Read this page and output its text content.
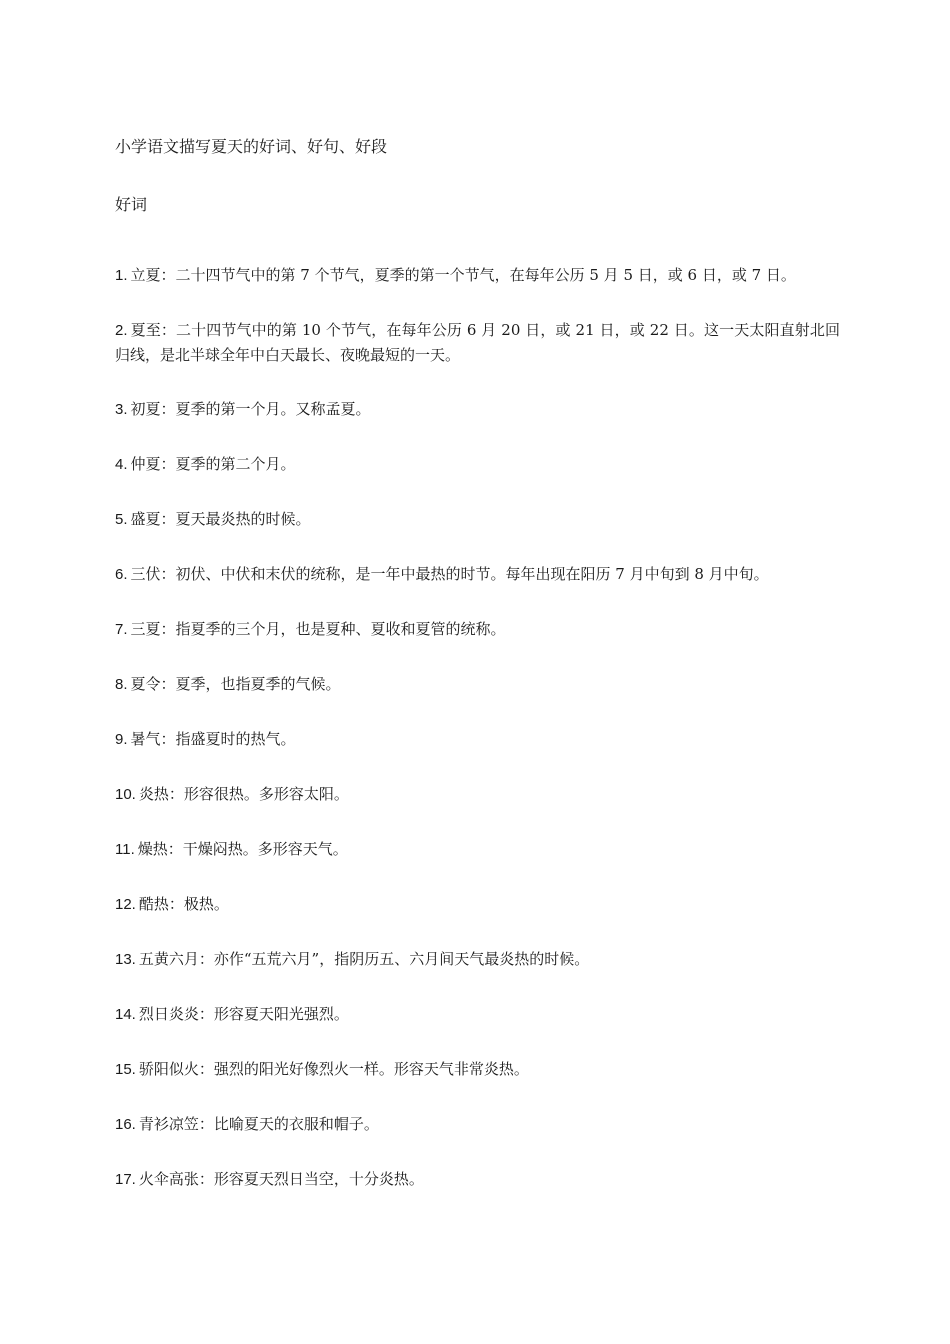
小学语文描写夏天的好词、好句、好段
好词

1. 立夏：二十四节气中的第 7 个节气，夏季的第一个节气，在每年公历 5 月 5 日，或 6 日，或 7 日。

2. 夏至：二十四节气中的第 10 个节气，在每年公历 6 月 20 日，或 21 日，或 22 日。这一天太阳直射北回归线，是北半球全年中白天最长、夜晚最短的一天。

3. 初夏：夏季的第一个月。又称孟夏。

4. 仲夏：夏季的第二个月。

5. 盛夏：夏天最炎热的时候。

6. 三伏：初伏、中伏和末伏的统称，是一年中最热的时节。每年出现在阳历 7 月中旬到 8 月中旬。

7. 三夏：指夏季的三个月，也是夏种、夏收和夏管的统称。

8. 夏令：夏季，也指夏季的气候。

9. 暑气：指盛夏时的热气。

10. 炎热：形容很热。多形容太阳。

11. 燥热：干燥闷热。多形容天气。

12. 酷热：极热。

13. 五黄六月：亦作“五荒六月”，指阴历五、六月间天气最炎热的时候。

14. 烈日炎炎：形容夏天阳光强烈。

15. 骄阳似火：强烈的阳光好像烈火一样。形容天气非常炎热。

16. 青衫凉笠：比喻夏天的衣服和帽子。

17. 火伞高张：形容夏天烈日当空，十分炎热。
